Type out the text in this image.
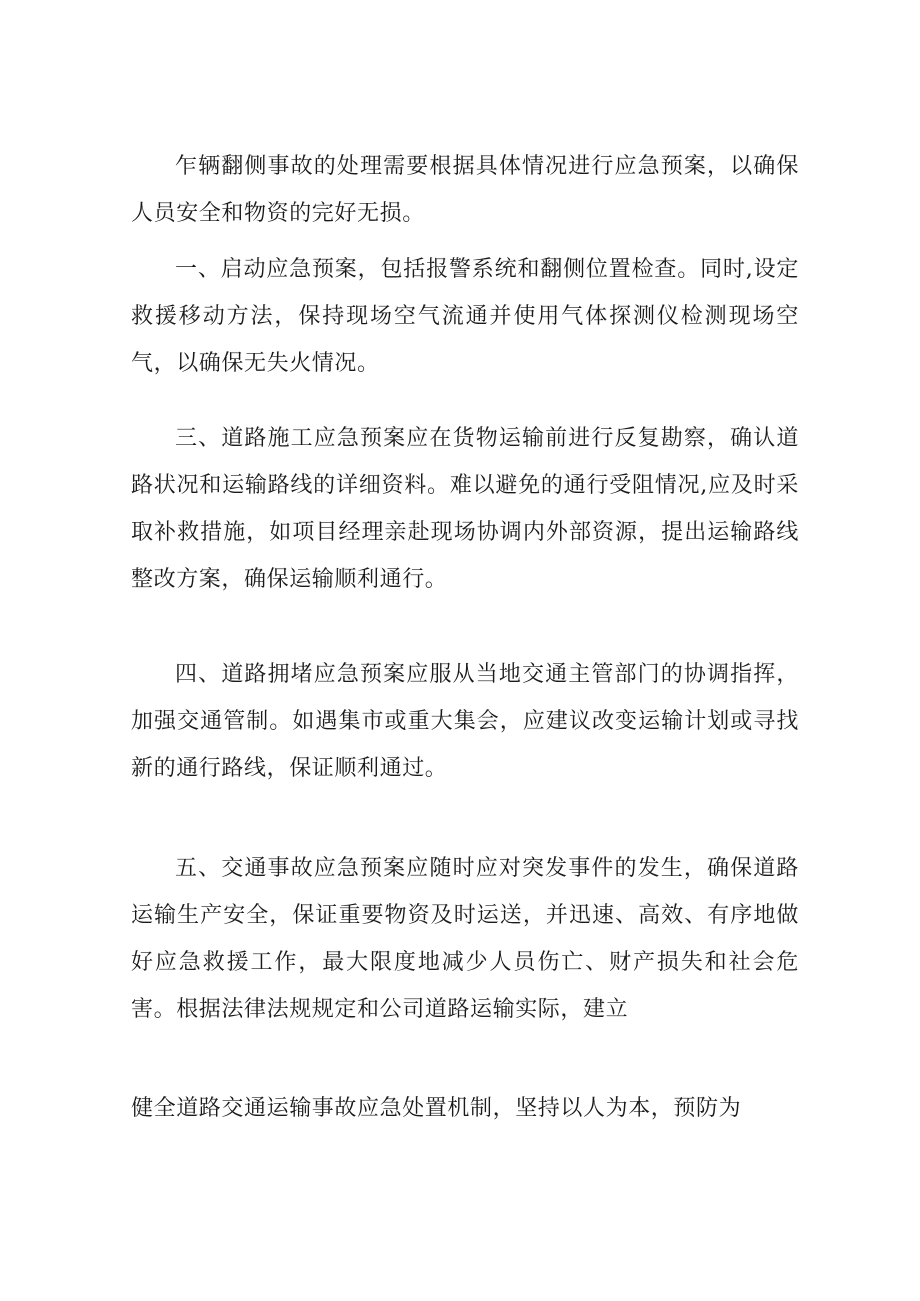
乍辆翻侧事故的处理需要根据具体情况进行应急预案，以确保人员安全和物资的完好无损。

一、启动应急预案，包括报警系统和翻侧位置检查。同时,设定救援移动方法，保持现场空气流通并使用气体探测仪检测现场空气，以确保无失火情况。

三、道路施工应急预案应在货物运输前进行反复勘察，确认道路状况和运输路线的详细资料。难以避免的通行受阻情况,应及时采取补救措施，如项目经理亲赴现场协调内外部资源，提出运输路线整改方案，确保运输顺利通行。

四、道路拥堵应急预案应服从当地交通主管部门的协调指挥，加强交通管制。如遇集市或重大集会，应建议改变运输计划或寻找新的通行路线，保证顺利通过。

五、交通事故应急预案应随时应对突发事件的发生，确保道路运输生产安全，保证重要物资及时运送，并迅速、高效、有序地做好应急救援工作，最大限度地减少人员伤亡、财产损失和社会危害。根据法律法规规定和公司道路运输实际，建立

健全道路交通运输事故应急处置机制，坚持以人为本，预防为
